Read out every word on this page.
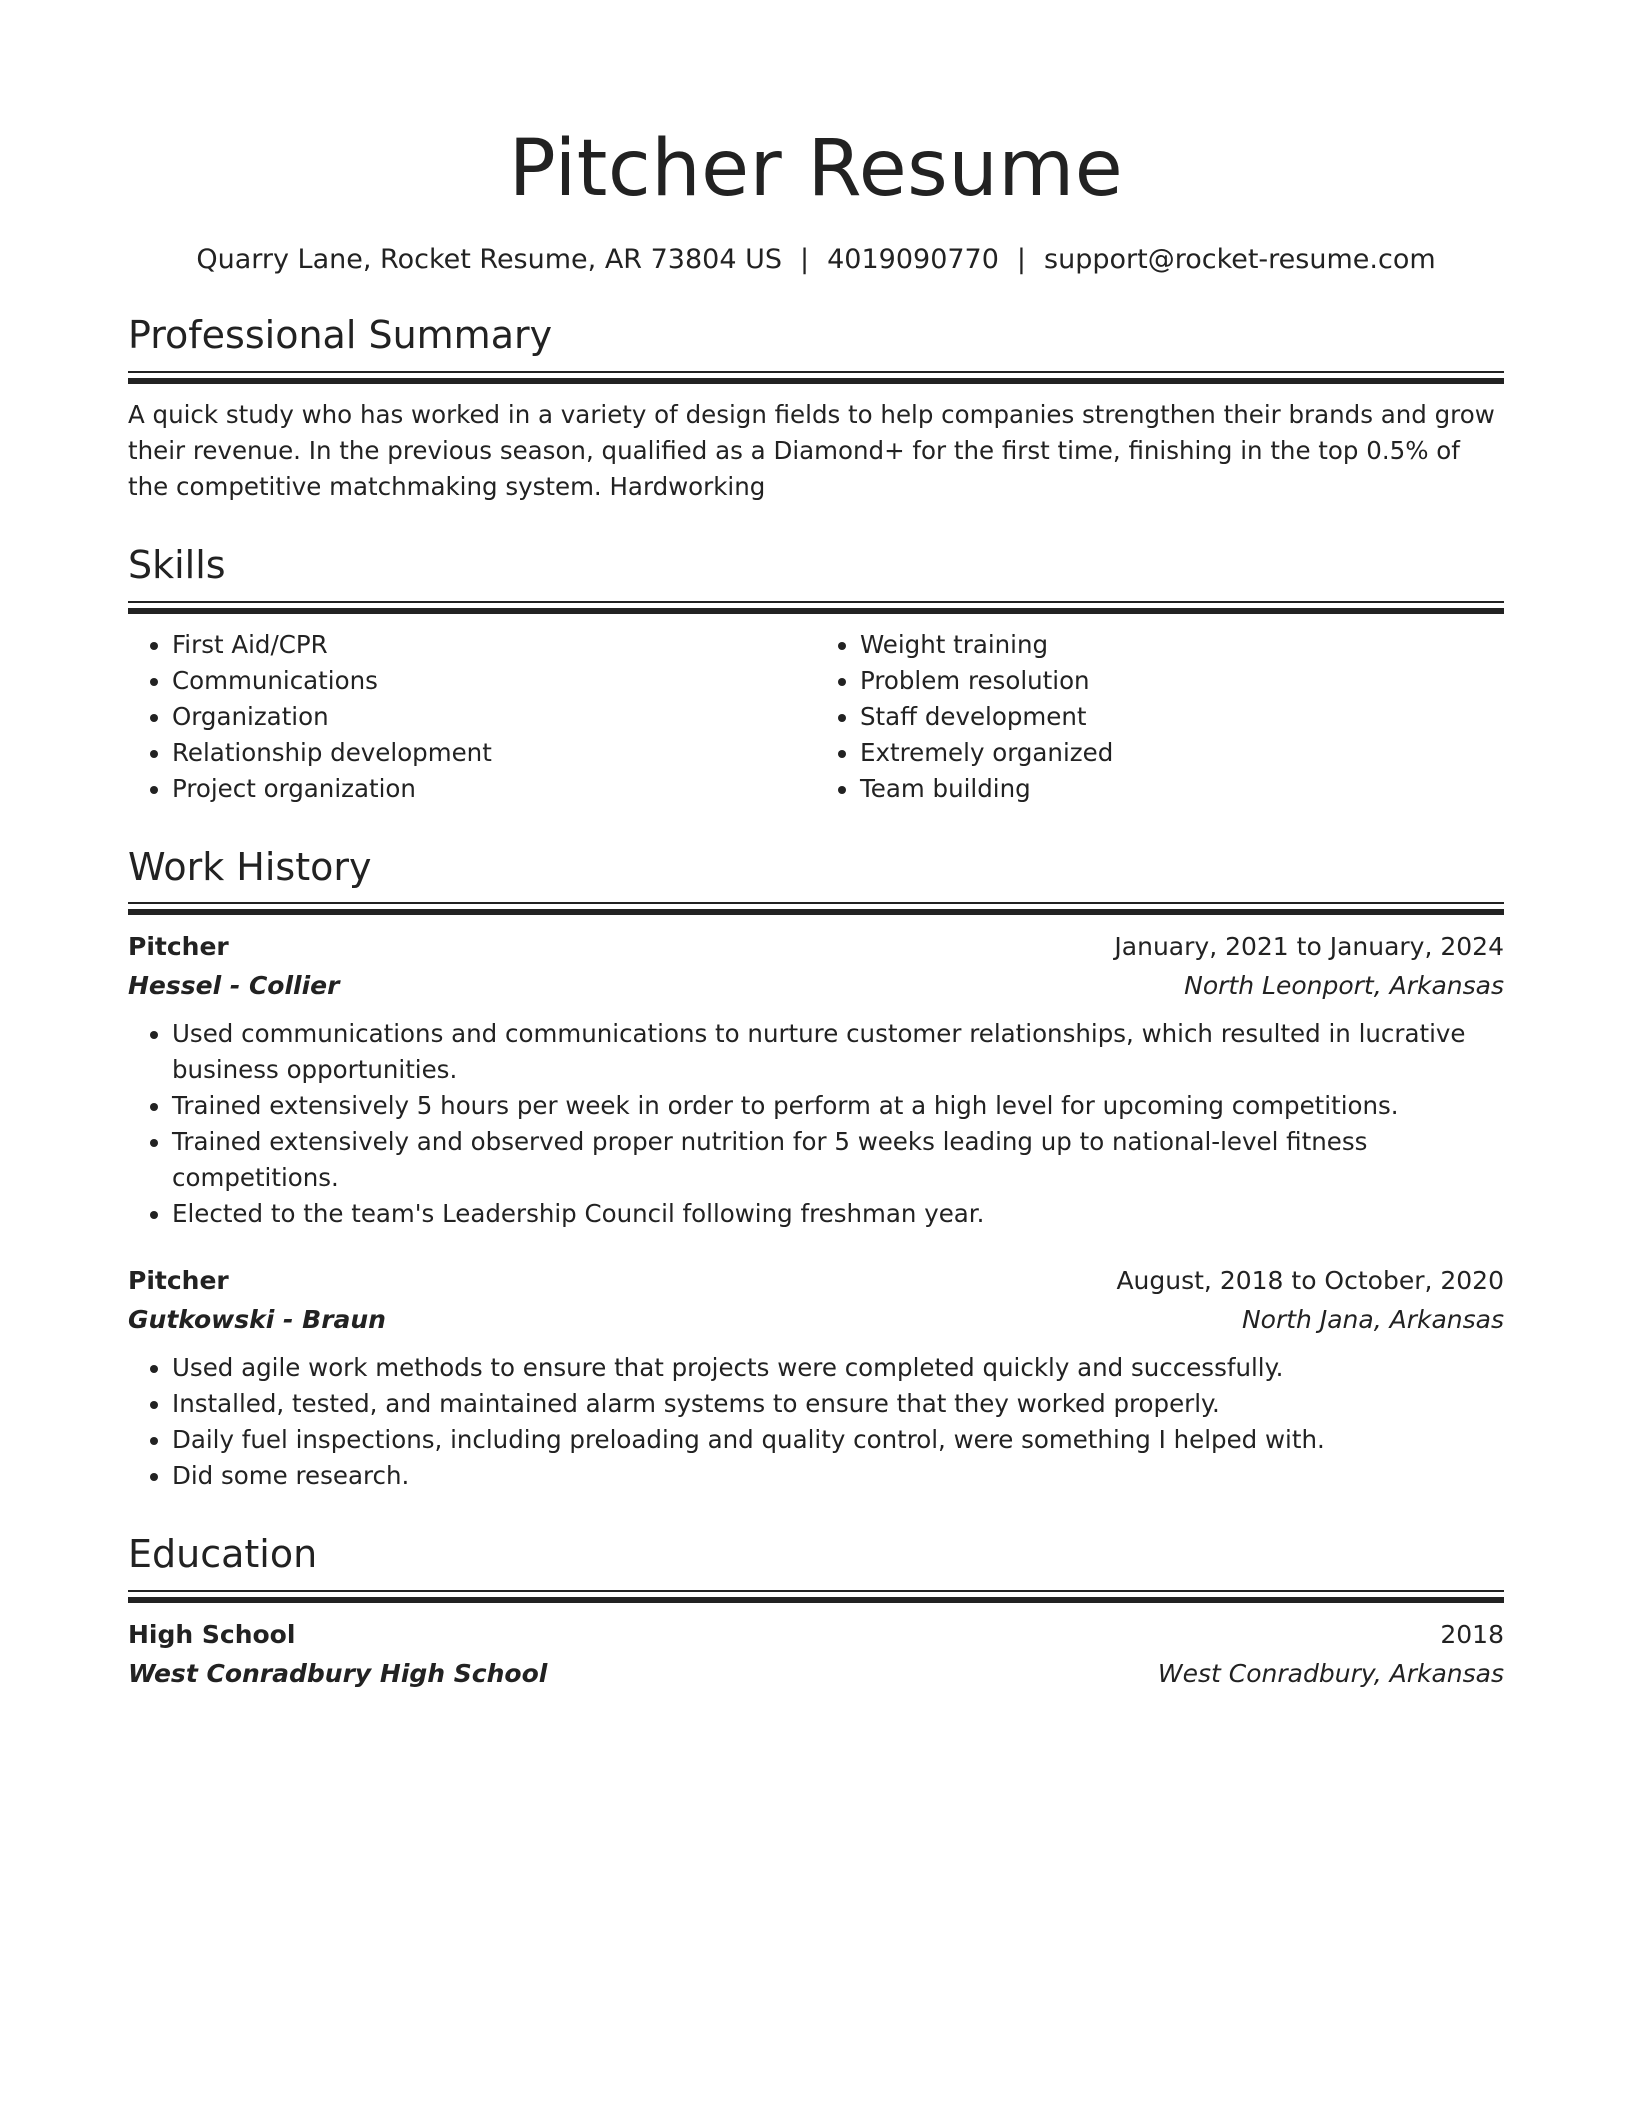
Pitcher Resume
Quarry Lane, Rocket Resume, AR 73804 US | 4019090770 | support@rocket-resume.com
Professional Summary

A quick study who has worked in a variety of design fields to help companies strengthen their brands and grow their revenue. In the previous season, qualified as a Diamond+ for the first time, finishing in the top 0.5% of the competitive matchmaking system. Hardworking

Skills
• First Aid/CPR
• Communications
• Organization
• Relationship development
• Project organization
• Weight training
• Problem resolution
• Staff development
• Extremely organized
• Team building
Work History
Pitcher	January, 2021 to January, 2024
Hessel - Collier	North Leonport, Arkansas
• Used communications and communications to nurture customer relationships, which resulted in lucrative business opportunities.
• Trained extensively 5 hours per week in order to perform at a high level for upcoming competitions.
• Trained extensively and observed proper nutrition for 5 weeks leading up to national-level fitness competitions.
• Elected to the team's Leadership Council following freshman year.
Pitcher	August, 2018 to October, 2020
Gutkowski - Braun	North Jana, Arkansas
• Used agile work methods to ensure that projects were completed quickly and successfully.
• Installed, tested, and maintained alarm systems to ensure that they worked properly.
• Daily fuel inspections, including preloading and quality control, were something I helped with.
• Did some research.
Education
High School	2018
West Conradbury High School	West Conradbury, Arkansas
